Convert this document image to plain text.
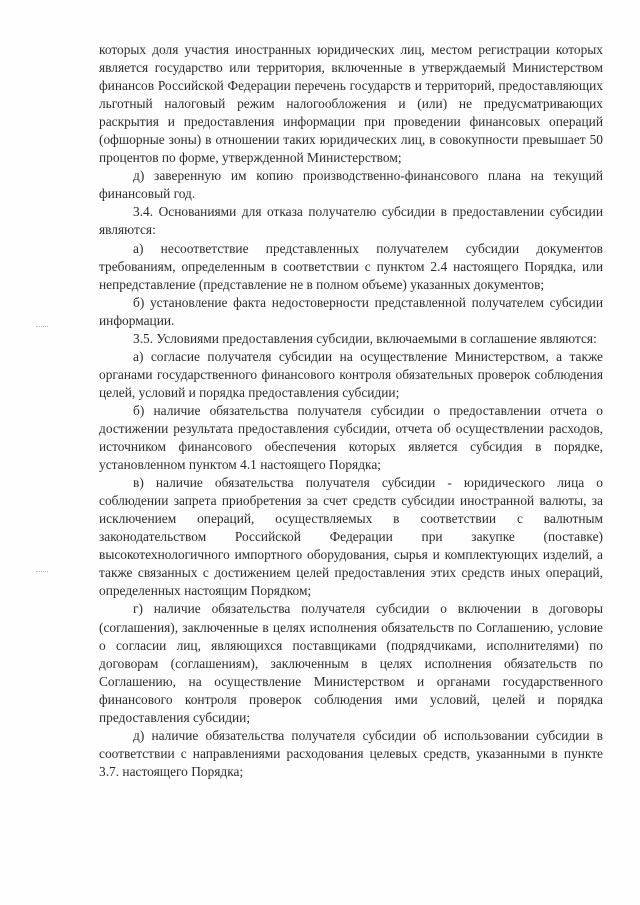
которых доля участия иностранных юридических лиц, местом регистрации которых является государство или территория, включенные в утверждаемый Министерством финансов Российской Федерации перечень государств и территорий, предоставляющих льготный налоговый режим налогообложения и (или) не предусматривающих раскрытия и предоставления информации при проведении финансовых операций (офшорные зоны) в отношении таких юридических лиц, в совокупности превышает 50 процентов по форме, утвержденной Министерством;

д) заверенную им копию производственно-финансового плана на текущий финансовый год.

3.4. Основаниями для отказа получателю субсидии в предоставлении субсидии являются:

а) несоответствие представленных получателем субсидии документов требованиям, определенным в соответствии с пунктом 2.4 настоящего Порядка, или непредставление (представление не в полном объеме) указанных документов;

б) установление факта недостоверности представленной получателем субсидии информации.

3.5. Условиями предоставления субсидии, включаемыми в соглашение являются:

а) согласие получателя субсидии на осуществление Министерством, а также органами государственного финансового контроля обязательных проверок соблюдения целей, условий и порядка предоставления субсидии;

б) наличие обязательства получателя субсидии о предоставлении отчета о достижении результата предоставления субсидии, отчета об осуществлении расходов, источником финансового обеспечения которых является субсидия в порядке, установленном пунктом 4.1 настоящего Порядка;

в) наличие обязательства получателя субсидии - юридического лица о соблюдении запрета приобретения за счет средств субсидии иностранной валюты, за исключением операций, осуществляемых в соответствии с валютным законодательством Российской Федерации при закупке (поставке) высокотехнологичного импортного оборудования, сырья и комплектующих изделий, а также связанных с достижением целей предоставления этих средств иных операций, определенных настоящим Порядком;

г) наличие обязательства получателя субсидии о включении в договоры (соглашения), заключенные в целях исполнения обязательств по Соглашению, условие о согласии лиц, являющихся поставщиками (подрядчиками, исполнителями) по договорам (соглашениям), заключенным в целях исполнения обязательств по Соглашению, на осуществление Министерством и органами государственного финансового контроля проверок соблюдения ими условий, целей и порядка предоставления субсидии;

д) наличие обязательства получателя субсидии об использовании субсидии в соответствии с направлениями расходования целевых средств, указанными в пункте 3.7. настоящего Порядка;
